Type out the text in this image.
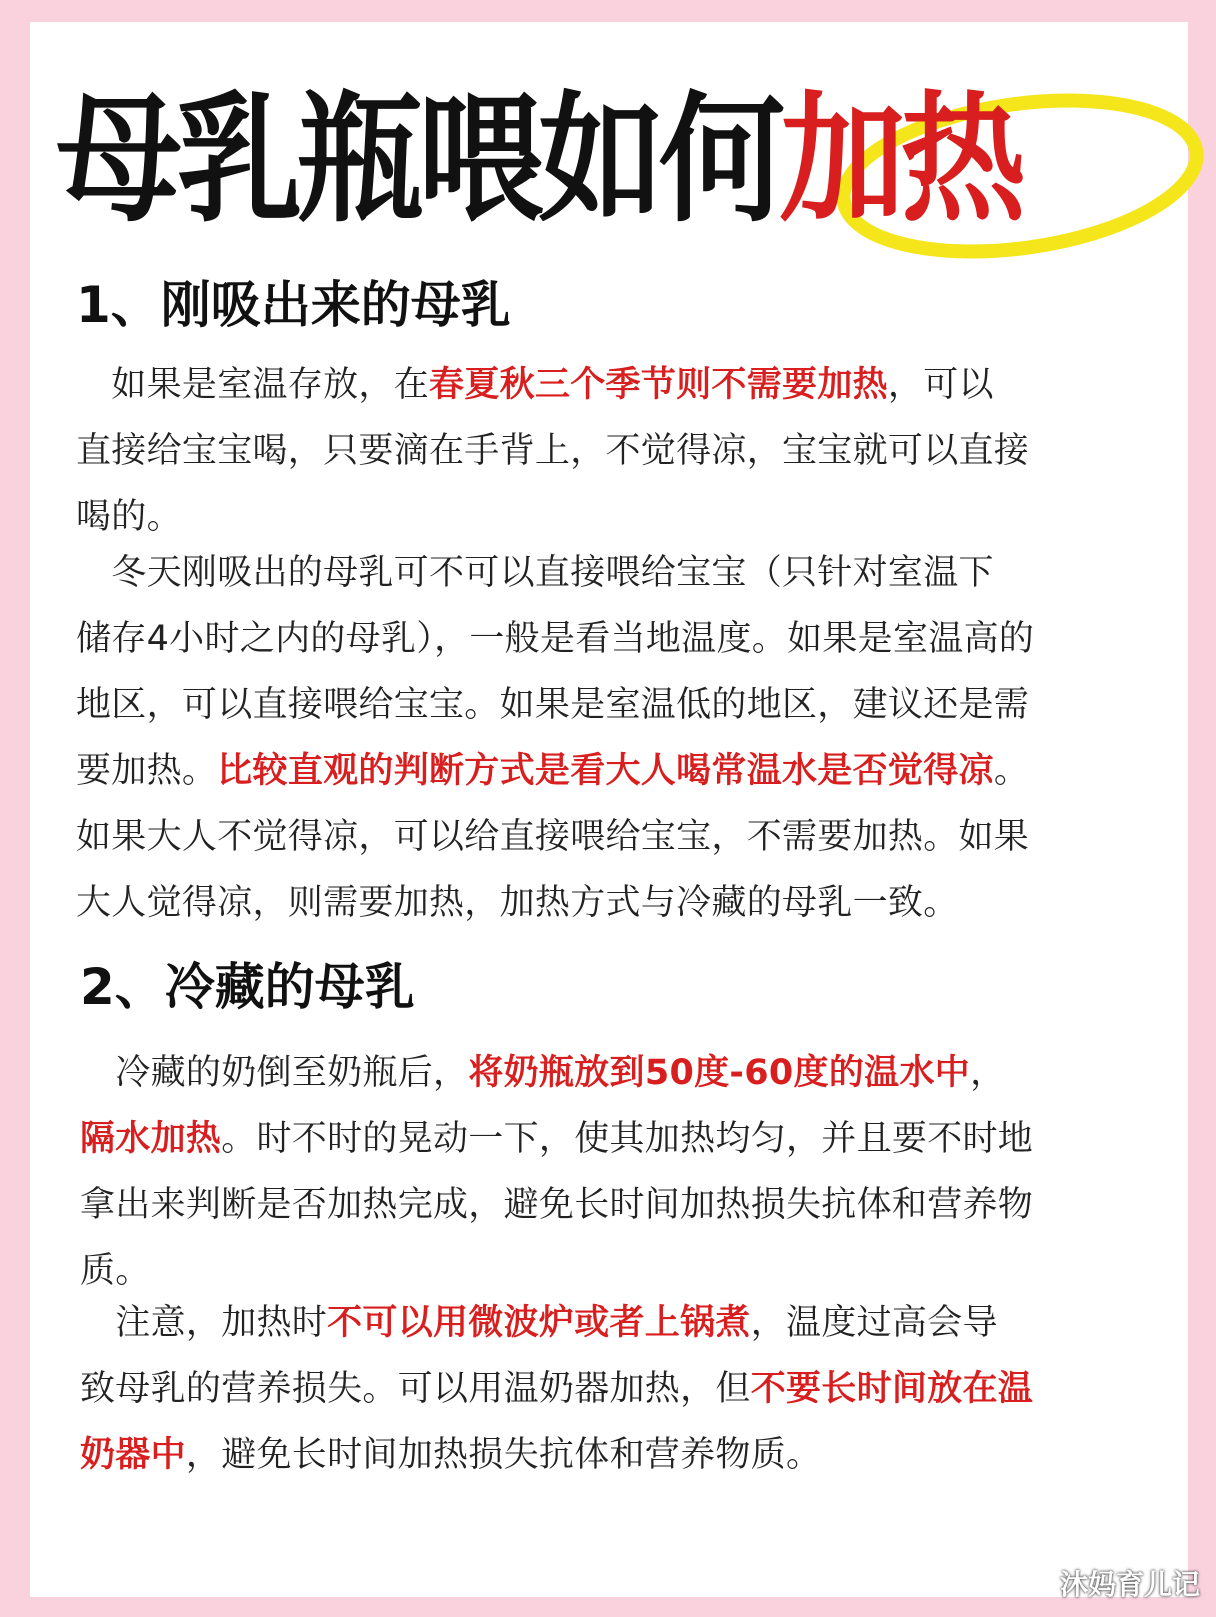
母乳瓶喂如何加热
1、刚吸出来的母乳
　如果是室温存放，在春夏秋三个季节则不需要加热，可以
直接给宝宝喝，只要滴在手背上，不觉得凉，宝宝就可以直接
喝的。
　冬天刚吸出的母乳可不可以直接喂给宝宝（只针对室温下
储存4小时之内的母乳），一般是看当地温度。如果是室温高的
地区，可以直接喂给宝宝。如果是室温低的地区，建议还是需
要加热。比较直观的判断方式是看大人喝常温水是否觉得凉。
如果大人不觉得凉，可以给直接喂给宝宝，不需要加热。如果
大人觉得凉，则需要加热，加热方式与冷藏的母乳一致。
2、冷藏的母乳
　冷藏的奶倒至奶瓶后，将奶瓶放到50度-60度的温水中，
隔水加热。时不时的晃动一下，使其加热均匀，并且要不时地
拿出来判断是否加热完成，避免长时间加热损失抗体和营养物
质。
　注意，加热时不可以用微波炉或者上锅煮，温度过高会导
致母乳的营养损失。可以用温奶器加热，但不要长时间放在温
奶器中，避免长时间加热损失抗体和营养物质。
沐妈育儿记
